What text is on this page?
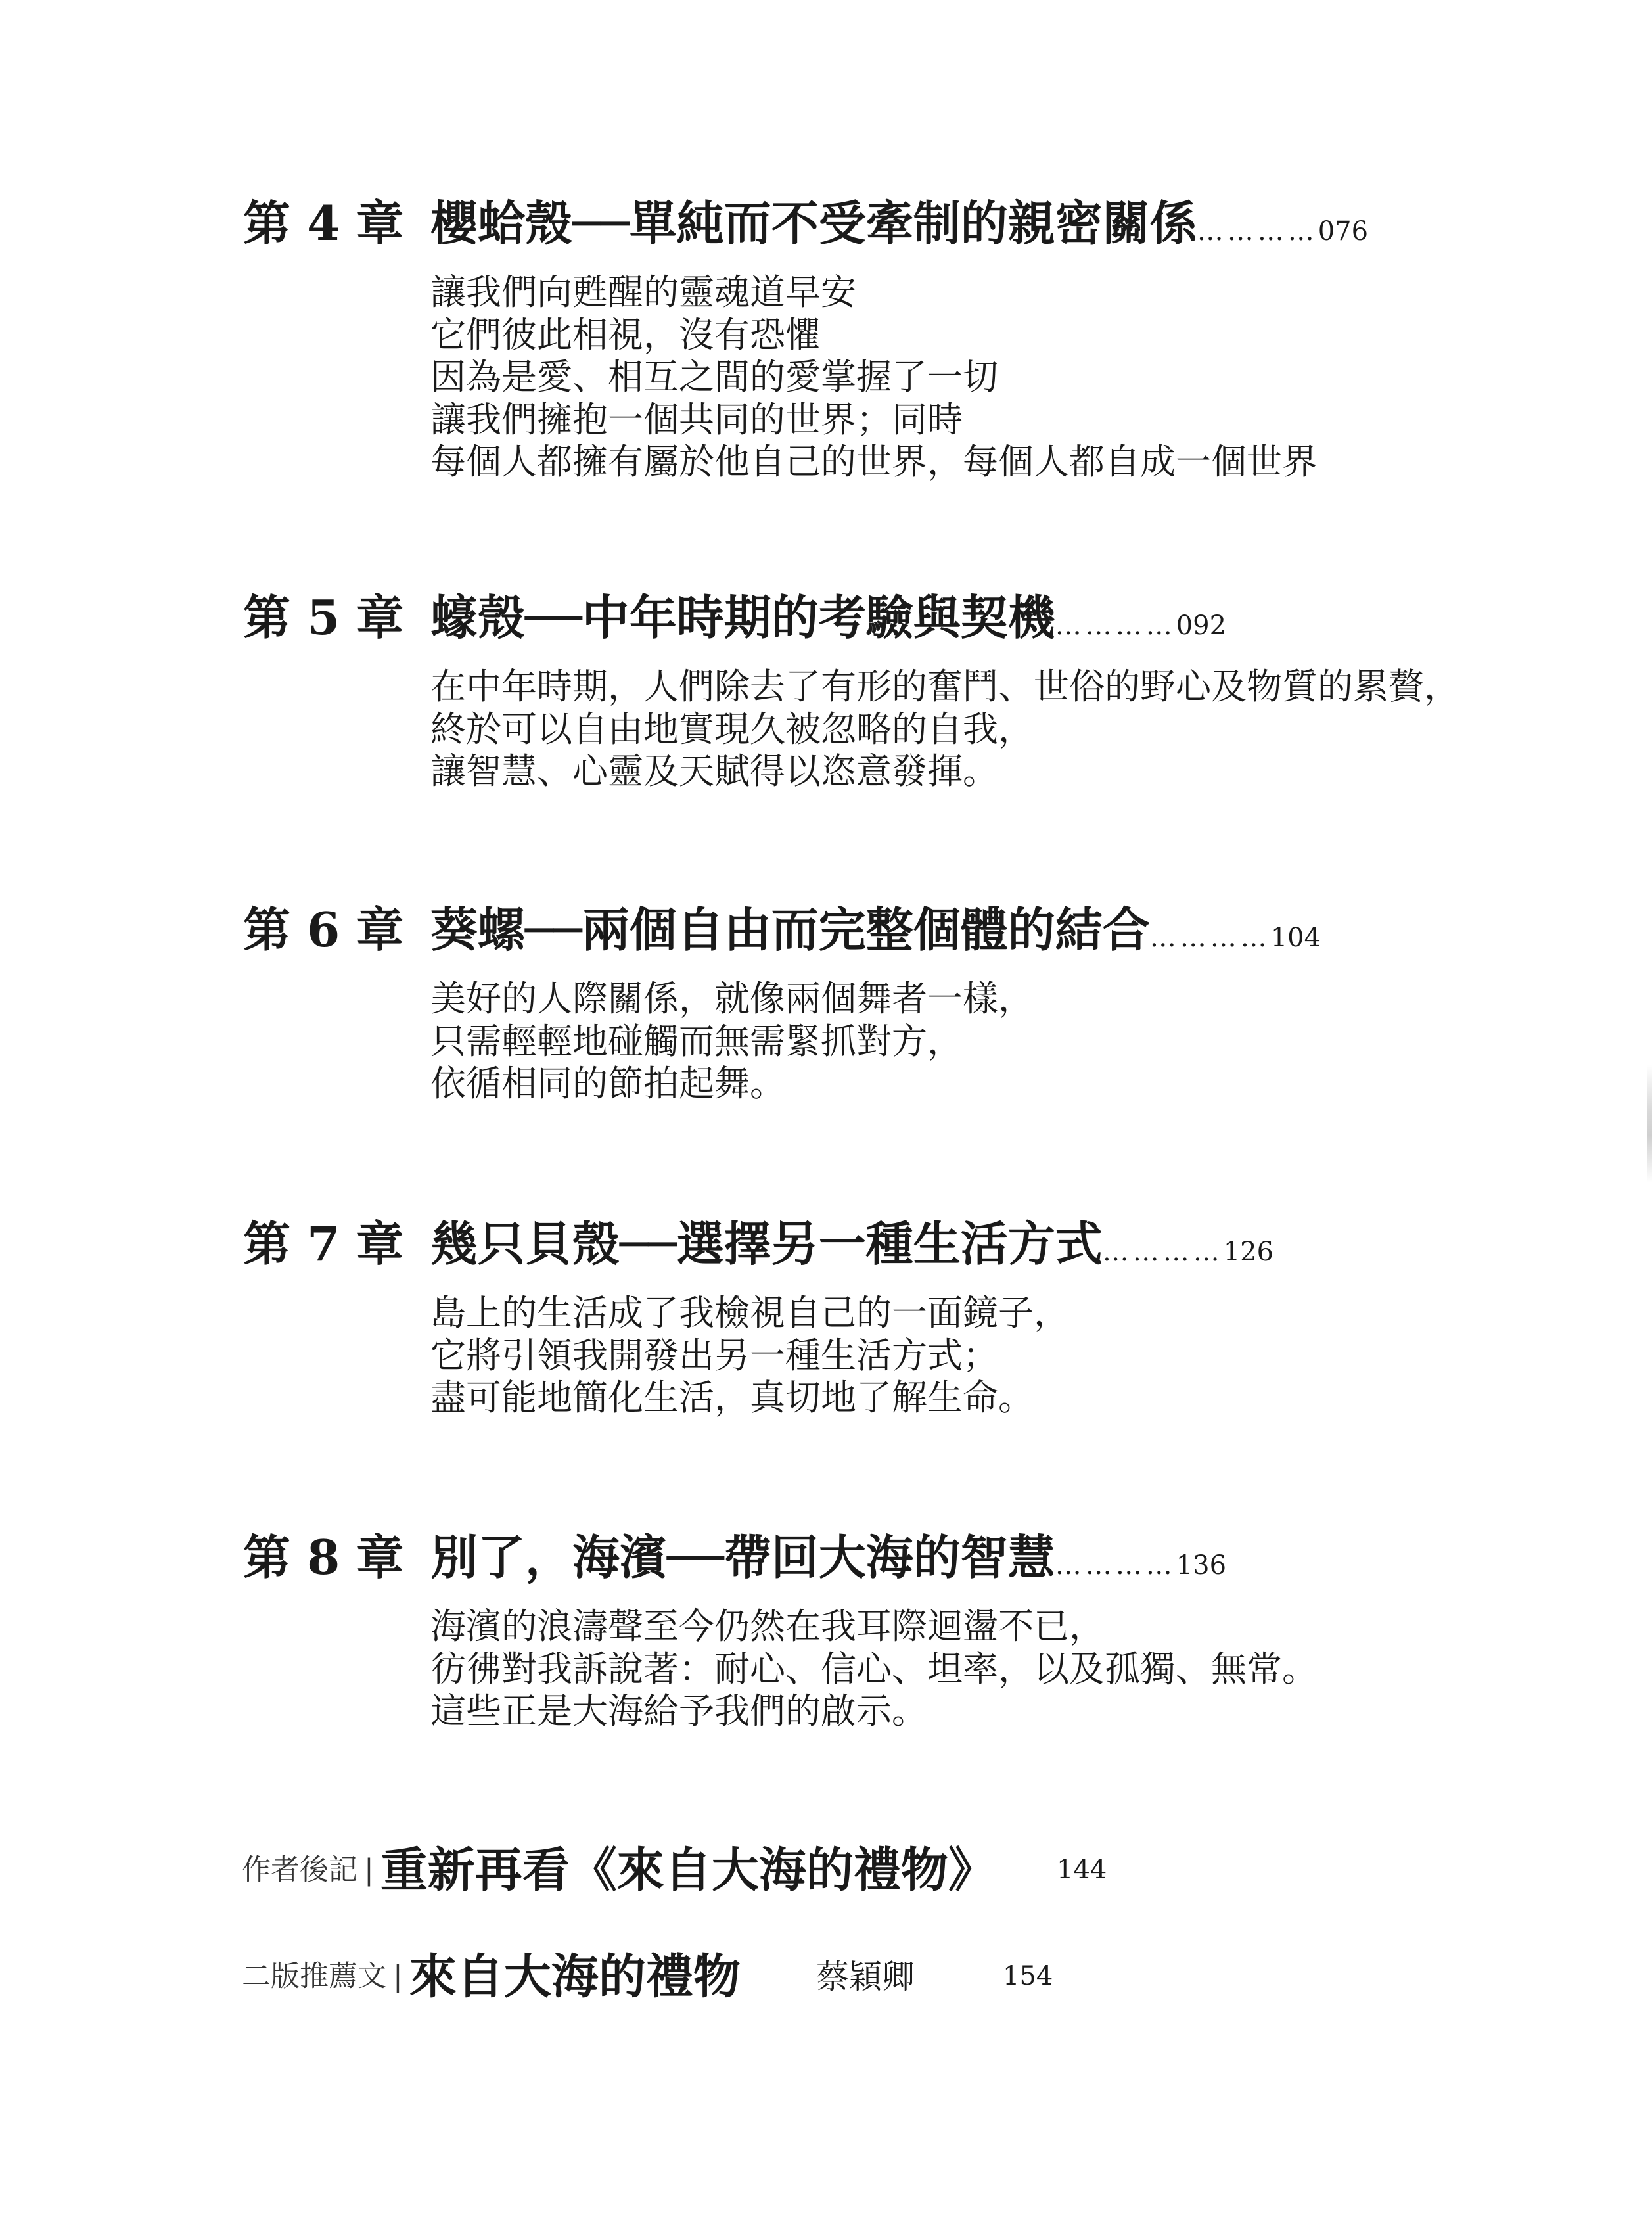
第 4 章 櫻蛤殼──單純而不受牽制的親密關係…………076
讓我們向甦醒的靈魂道早安
它們彼此相視，沒有恐懼
因為是愛、相互之間的愛掌握了一切
讓我們擁抱一個共同的世界；同時
每個人都擁有屬於他自己的世界，每個人都自成一個世界
第 5 章 蠔殼──中年時期的考驗與契機…………092
在中年時期，人們除去了有形的奮鬥、世俗的野心及物質的累贅，
終於可以自由地實現久被忽略的自我，
讓智慧、心靈及天賦得以恣意發揮。
第 6 章 葵螺──兩個自由而完整個體的結合…………104
美好的人際關係，就像兩個舞者一樣，
只需輕輕地碰觸而無需緊抓對方，
依循相同的節拍起舞。
第 7 章 幾只貝殼──選擇另一種生活方式…………126
島上的生活成了我檢視自己的一面鏡子，
它將引領我開發出另一種生活方式；
盡可能地簡化生活，真切地了解生命。
第 8 章 別了，海濱──帶回大海的智慧…………136
海濱的浪濤聲至今仍然在我耳際迴盪不已，
彷彿對我訴說著：耐心、信心、坦率，以及孤獨、無常。
這些正是大海給予我們的啟示。
作者後記 | 重新再看《來自大海的禮物》 144
二版推薦文 | 來自大海的禮物 蔡穎卿	154
